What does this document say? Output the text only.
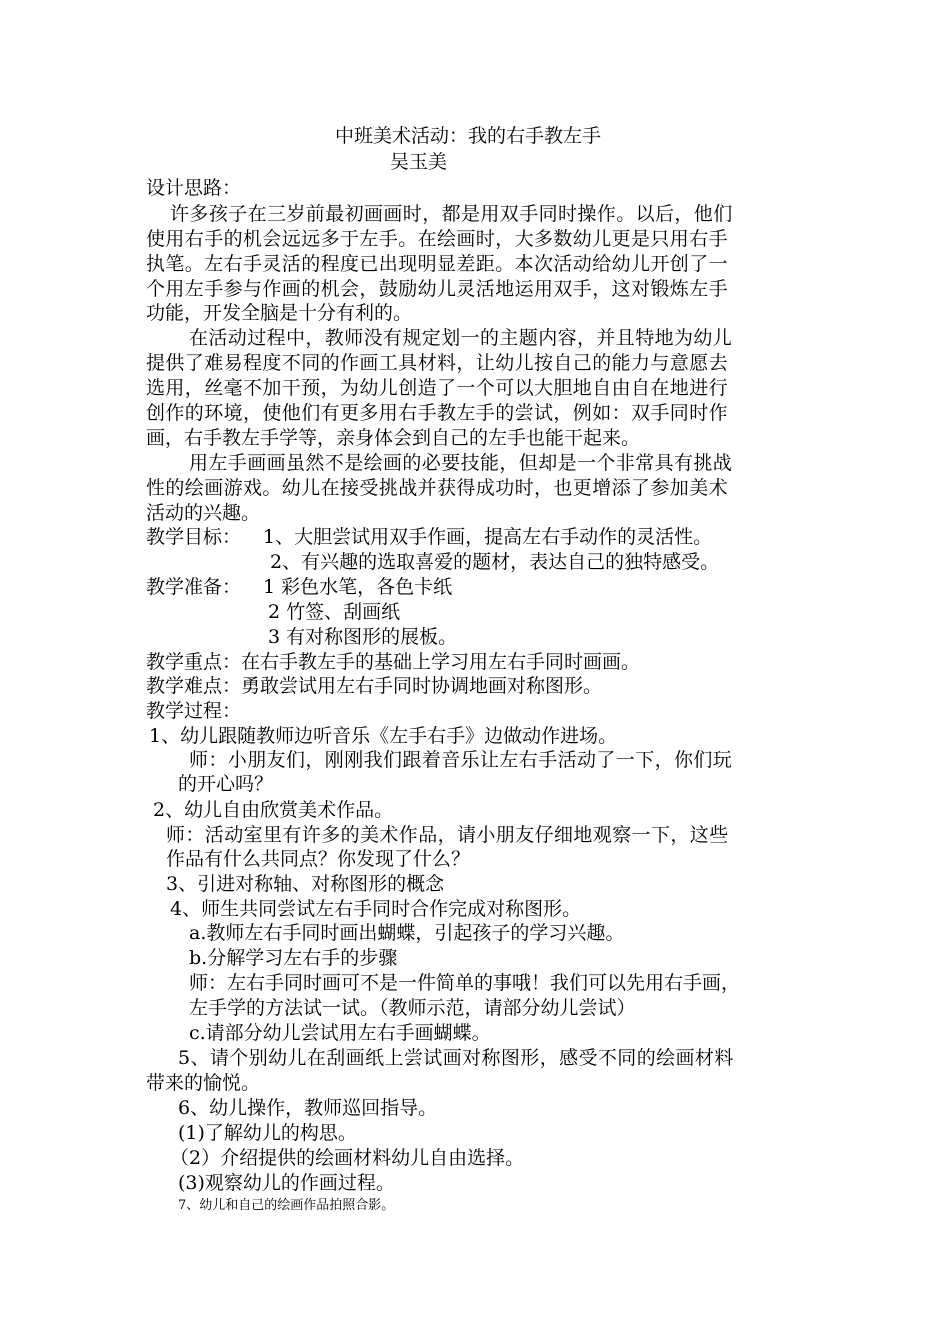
中班美术活动：我的右手教左手
吴玉美
设计思路：
许多孩子在三岁前最初画画时，都是用双手同时操作。以后，他们
使用右手的机会远远多于左手。在绘画时，大多数幼儿更是只用右手
执笔。左右手灵活的程度已出现明显差距。本次活动给幼儿开创了一
个用左手参与作画的机会，鼓励幼儿灵活地运用双手，这对锻炼左手
功能，开发全脑是十分有利的。
在活动过程中，教师没有规定划一的主题内容，并且特地为幼儿
提供了难易程度不同的作画工具材料，让幼儿按自己的能力与意愿去
选用，丝毫不加干预，为幼儿创造了一个可以大胆地自由自在地进行
创作的环境，使他们有更多用右手教左手的尝试，例如：双手同时作
画，右手教左手学等，亲身体会到自己的左手也能干起来。
用左手画画虽然不是绘画的必要技能，但却是一个非常具有挑战
性的绘画游戏。幼儿在接受挑战并获得成功时，也更增添了参加美术
活动的兴趣。
教学目标： 1、大胆尝试用双手作画，提高左右手动作的灵活性。
2、有兴趣的选取喜爱的题材，表达自己的独特感受。
教学准备： 1 彩色水笔，各色卡纸
2 竹签、刮画纸
3 有对称图形的展板。
教学重点：在右手教左手的基础上学习用左右手同时画画。
教学难点：勇敢尝试用左右手同时协调地画对称图形。
教学过程：
1、幼儿跟随教师边听音乐《左手右手》边做动作进场。
师：小朋友们，刚刚我们跟着音乐让左右手活动了一下，你们玩
的开心吗？
2、幼儿自由欣赏美术作品。
师：活动室里有许多的美术作品，请小朋友仔细地观察一下，这些
作品有什么共同点？你发现了什么？
3、引进对称轴、对称图形的概念
4、师生共同尝试左右手同时合作完成对称图形。
a.教师左右手同时画出蝴蝶，引起孩子的学习兴趣。
b.分解学习左右手的步骤
师：左右手同时画可不是一件简单的事哦！我们可以先用右手画，
左手学的方法试一试。（教师示范，请部分幼儿尝试）
c.请部分幼儿尝试用左右手画蝴蝶。
5、请个别幼儿在刮画纸上尝试画对称图形，感受不同的绘画材料
带来的愉悦。
6、幼儿操作，教师巡回指导。
(1)了解幼儿的构思。
（2）介绍提供的绘画材料幼儿自由选择。
(3)观察幼儿的作画过程。
7、幼儿和自己的绘画作品拍照合影。
